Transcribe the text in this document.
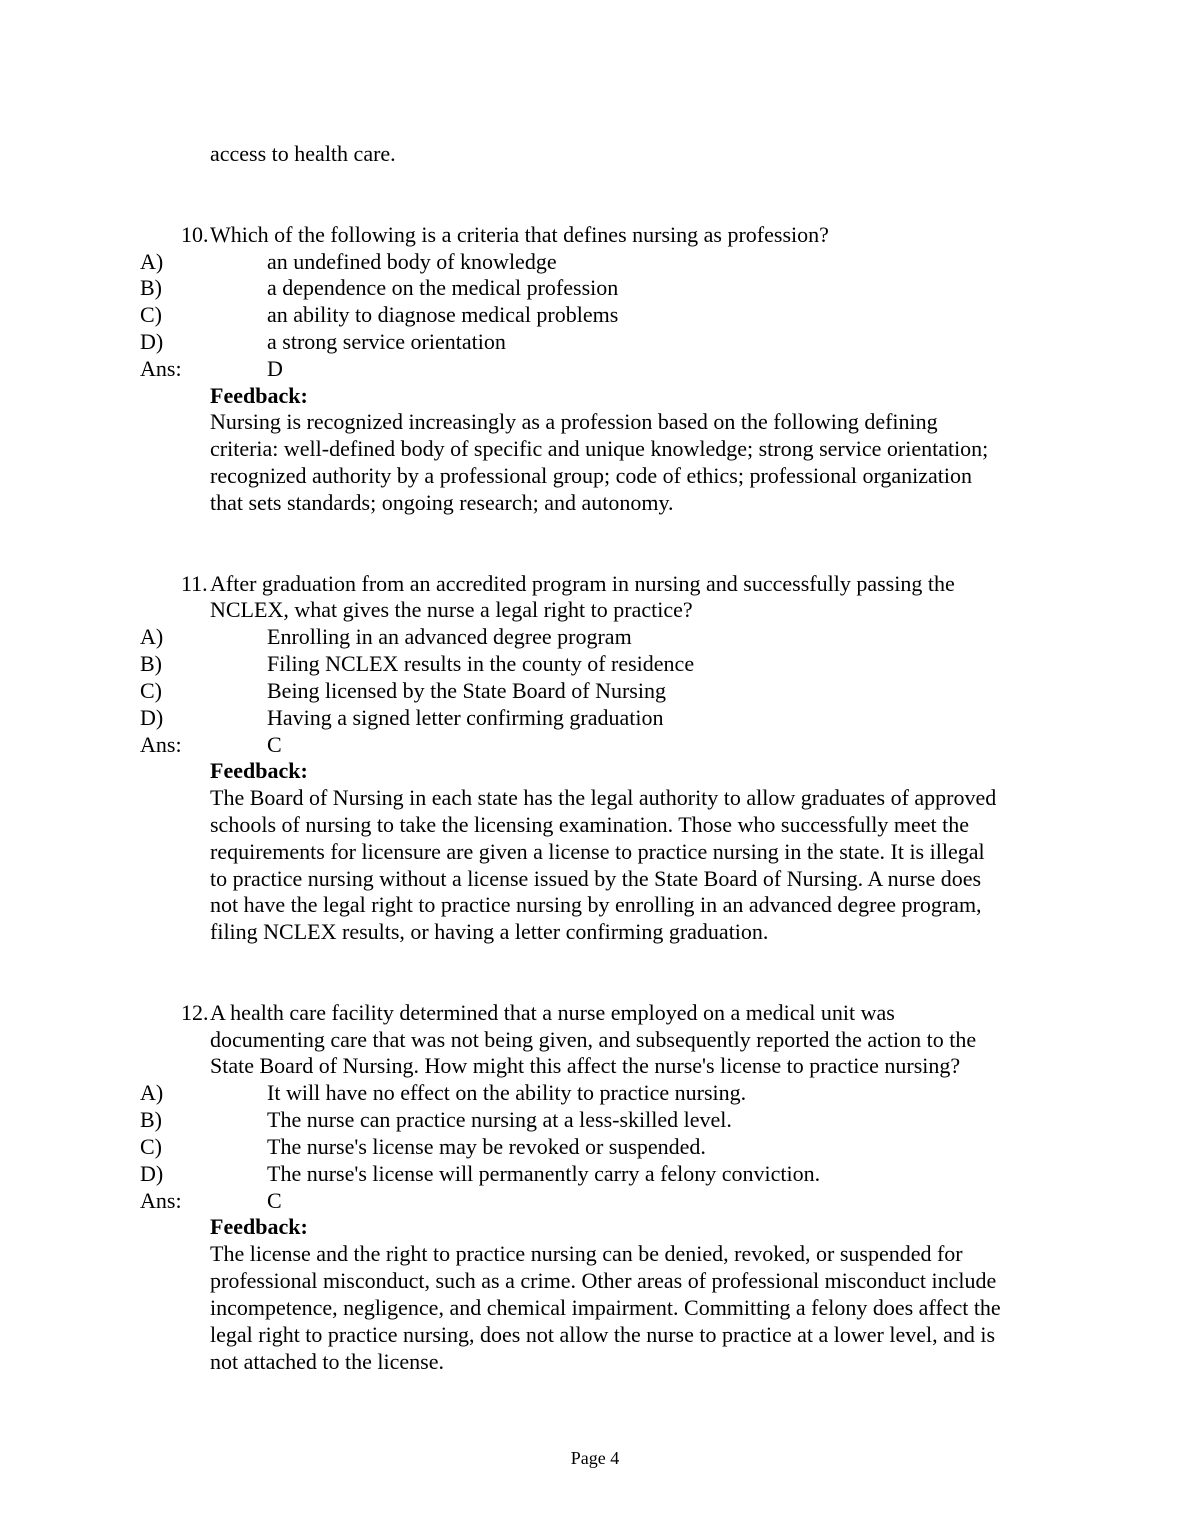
access to health care.
10. Which of the following is a criteria that defines nursing as profession?
A)	an undefined body of knowledge
B)	a dependence on the medical profession
C)	an ability to diagnose medical problems
D)	a strong service orientation
Ans:	D
Feedback:
Nursing is recognized increasingly as a profession based on the following defining
criteria: well-defined body of specific and unique knowledge; strong service orientation;
recognized authority by a professional group; code of ethics; professional organization
that sets standards; ongoing research; and autonomy.
11. After graduation from an accredited program in nursing and successfully passing the
NCLEX, what gives the nurse a legal right to practice?
A)	Enrolling in an advanced degree program
B)	Filing NCLEX results in the county of residence
C)	Being licensed by the State Board of Nursing
D)	Having a signed letter confirming graduation
Ans:	C
Feedback:
The Board of Nursing in each state has the legal authority to allow graduates of approved
schools of nursing to take the licensing examination. Those who successfully meet the
requirements for licensure are given a license to practice nursing in the state. It is illegal
to practice nursing without a license issued by the State Board of Nursing. A nurse does
not have the legal right to practice nursing by enrolling in an advanced degree program,
filing NCLEX results, or having a letter confirming graduation.
12. A health care facility determined that a nurse employed on a medical unit was
documenting care that was not being given, and subsequently reported the action to the
State Board of Nursing. How might this affect the nurse's license to practice nursing?
A)	It will have no effect on the ability to practice nursing.
B)	The nurse can practice nursing at a less-skilled level.
C)	The nurse's license may be revoked or suspended.
D)	The nurse's license will permanently carry a felony conviction.
Ans:	C
Feedback:
The license and the right to practice nursing can be denied, revoked, or suspended for
professional misconduct, such as a crime. Other areas of professional misconduct include
incompetence, negligence, and chemical impairment. Committing a felony does affect the
legal right to practice nursing, does not allow the nurse to practice at a lower level, and is
not attached to the license.
Page 4
